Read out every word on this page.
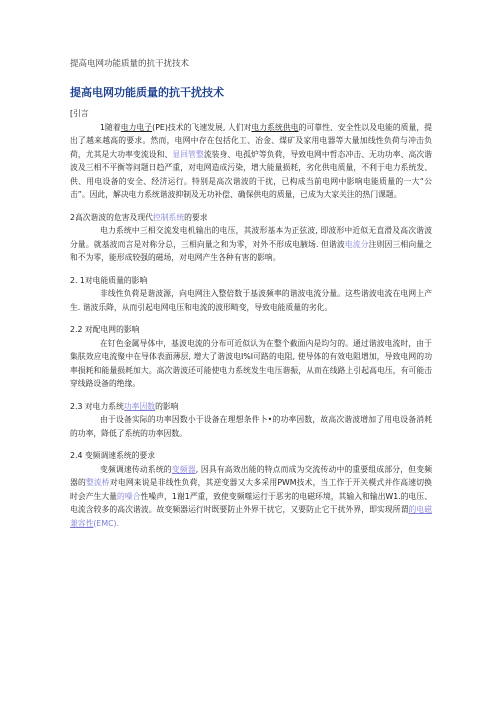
提高电网功能质量的抗干扰技术
提高电网功能质量的抗干扰技术

[引言

1随着电力电子(PE)技术的飞速发展, 人们对电力系统供电的可靠性、安全性以及电能的质量，提出了越来越高的要求。然而，电网中存在包括化工、冶金、煤矿及家用电器等大量加线性负荷与冲击负荷，尤其是大功率变流设和、显回管整流装身、电孤炉等负荷，导致电网中哲态冲击、无功功率、高次谐波及三相不平衡等问题日趋严重，对电网造成污染，增大能量损耗，劣化供电质量，不利于电力系统发、供、用电设备的安全、经济运行。特别是高次谐波的干扰，已构成当前电网中影响电能质量的一大“公击”。因此，解决电力系统谐波抑制及无功补偿、确保供电的质量，已成为大家关注的热门课题。

2高次谐波的危害及现代控制系统的要求

电力系统中三相交流发电机输出的电压，其波形基本为正弦波, 即波形中近似无直滑及高次谐波分量。就基波而言是对称分总，三相向量之和为零，对外不形成电腋场. 但谐波电流分注则因三相向量之和不为零，能形成较强的磁场，对电网产生各种有害的影响。

2. 1对电能质量的影响

非线性负荷是谐波源，向电网注入整倍数于基波频率的谐波电流分量。这些谐波电流在电网上产生. 谐波乐降，从而引起电网电压和电流的波形畸变，导致电能质量的劣化。

2.2 对配电网的影响

在钉色金属导体中，基波电流的分布可近似认为在整个截面内是均匀的。通过谐波电流时，由于集肤效应电流聚中在导体表面薄层, 增大了谐波电I%I可路的电阻, 使导体的有效电阻增加，导致电网的功率损耗和能量损耗加大。高次谐波还可能使电力系统发生电压谐振，从而在线路上引起高电压，有可能击穿线路设备的绝缘。

2.3 对电力系统功率因数的影响

由于设备实际的功率因数小于设备在理想条件卜•的功率因数，故高次谐波增加了用电设备消耗的功率，降低了系统的功率因数。

2.4 变频调速系统的要求

变频调速传动系统的变频器, 因具有高效出能的特点而成为交流传动中的重要组成部分，但变频器的整流桥对电网来说是非线性负荷，其逆变器又大多采用PWM技术，当工作于开关模式并作高速切换时会产生大量的噪合性噪声，1谢1严重，致使变频噬运行于恶劣的电磁环境，其输入和输出W1.的电压、电流含较多的高次谐波。故变频器运行时既要防止外界干扰它，又要防止它干扰外界，即实现所谓的电磁兼容性(EMC).
